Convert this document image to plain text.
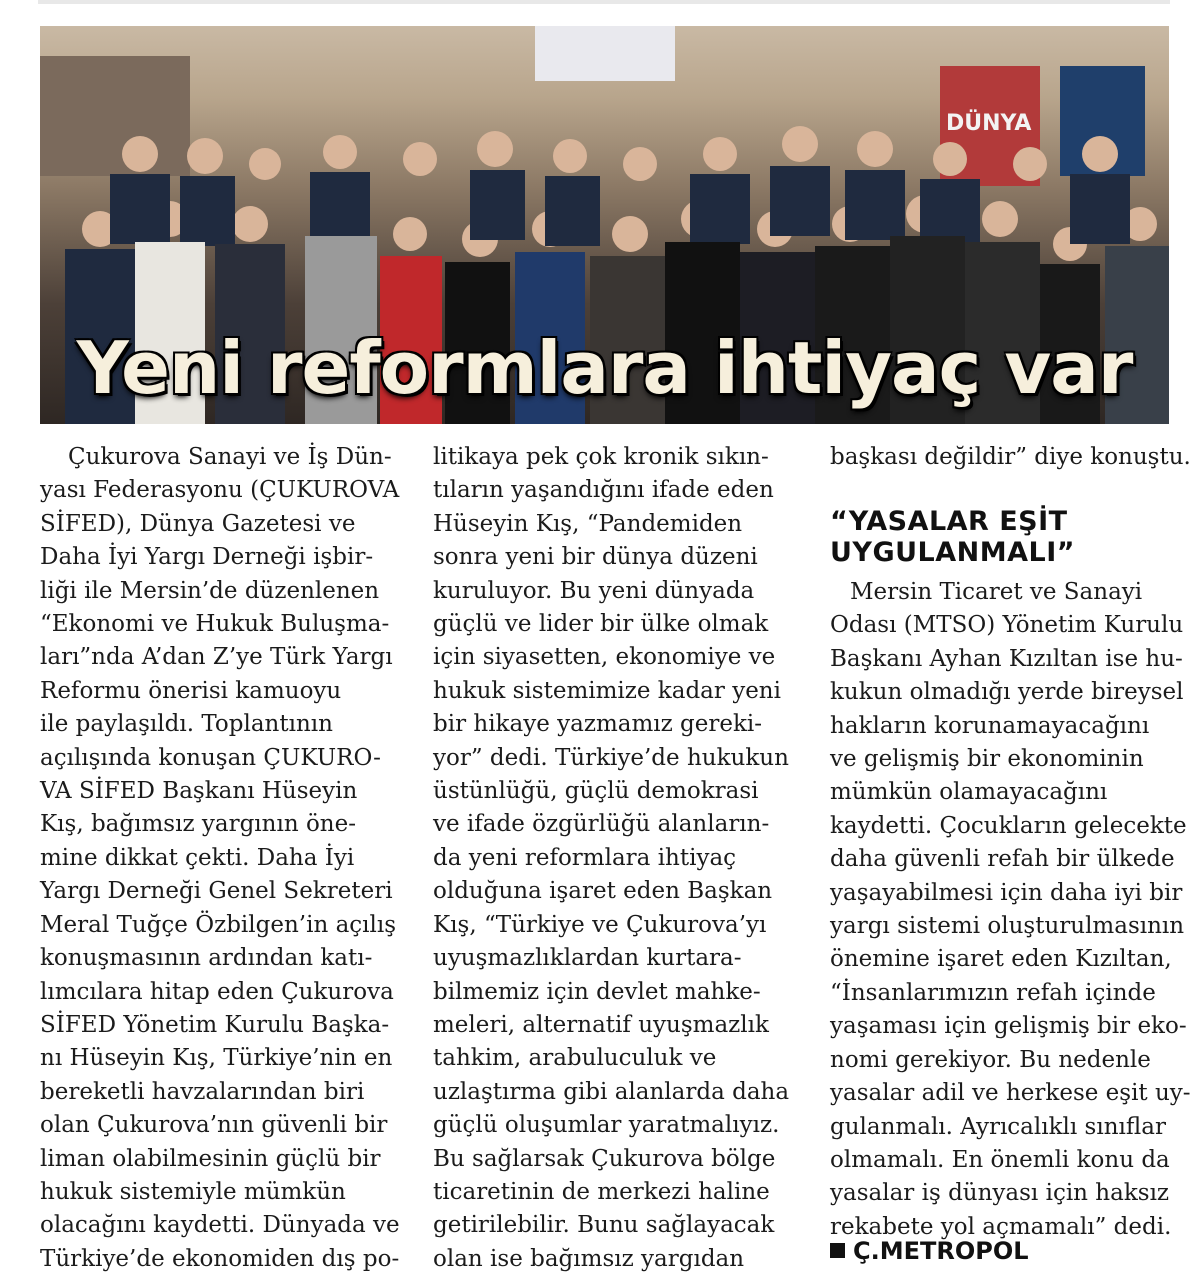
DÜNYA
Yeni reformlara ihtiyaç var
Çukurova Sanayi ve İş Dün-
yası Federasyonu (ÇUKUROVA
SİFED), Dünya Gazetesi ve
Daha İyi Yargı Derneği işbir-
liği ile Mersin’de düzenlenen
“Ekonomi ve Hukuk Buluşma-
ları”nda A’dan Z’ye Türk Yargı
Reformu önerisi kamuoyu
ile paylaşıldı. Toplantının
açılışında konuşan ÇUKURO-
VA SİFED Başkanı Hüseyin
Kış, bağımsız yargının öne-
mine dikkat çekti. Daha İyi
Yargı Derneği Genel Sekreteri
Meral Tuğçe Özbilgen’in açılış
konuşmasının ardından katı-
lımcılara hitap eden Çukurova
SİFED Yönetim Kurulu Başka-
nı Hüseyin Kış, Türkiye’nin en
bereketli havzalarından biri
olan Çukurova’nın güvenli bir
liman olabilmesinin güçlü bir
hukuk sistemiyle mümkün
olacağını kaydetti. Dünyada ve
Türkiye’de ekonomiden dış po-
litikaya pek çok kronik sıkın-
tıların yaşandığını ifade eden
Hüseyin Kış, “Pandemiden
sonra yeni bir dünya düzeni
kuruluyor. Bu yeni dünyada
güçlü ve lider bir ülke olmak
için siyasetten, ekonomiye ve
hukuk sistemimize kadar yeni
bir hikaye yazmamız gereki-
yor” dedi. Türkiye’de hukukun
üstünlüğü, güçlü demokrasi
ve ifade özgürlüğü alanların-
da yeni reformlara ihtiyaç
olduğuna işaret eden Başkan
Kış, “Türkiye ve Çukurova’yı
uyuşmazlıklardan kurtara-
bilmemiz için devlet mahke-
meleri, alternatif uyuşmazlık
tahkim, arabuluculuk ve
uzlaştırma gibi alanlarda daha
güçlü oluşumlar yaratmalıyız.
Bu sağlarsak Çukurova bölge
ticaretinin de merkezi haline
getirilebilir. Bunu sağlayacak
olan ise bağımsız yargıdan
başkası değildir” diye konuştu.
“YASALAR EŞİT
UYGULANMALI”
Mersin Ticaret ve Sanayi
Odası (MTSO) Yönetim Kurulu
Başkanı Ayhan Kızıltan ise hu-
kukun olmadığı yerde bireysel
hakların korunamayacağını
ve gelişmiş bir ekonominin
mümkün olamayacağını
kaydetti. Çocukların gelecekte
daha güvenli refah bir ülkede
yaşayabilmesi için daha iyi bir
yargı sistemi oluşturulmasının
önemine işaret eden Kızıltan,
“İnsanlarımızın refah içinde
yaşaması için gelişmiş bir eko-
nomi gerekiyor. Bu nedenle
yasalar adil ve herkese eşit uy-
gulanmalı. Ayrıcalıklı sınıflar
olmamalı. En önemli konu da
yasalar iş dünyası için haksız
rekabete yol açmamalı” dedi.
Ç.METROPOL
